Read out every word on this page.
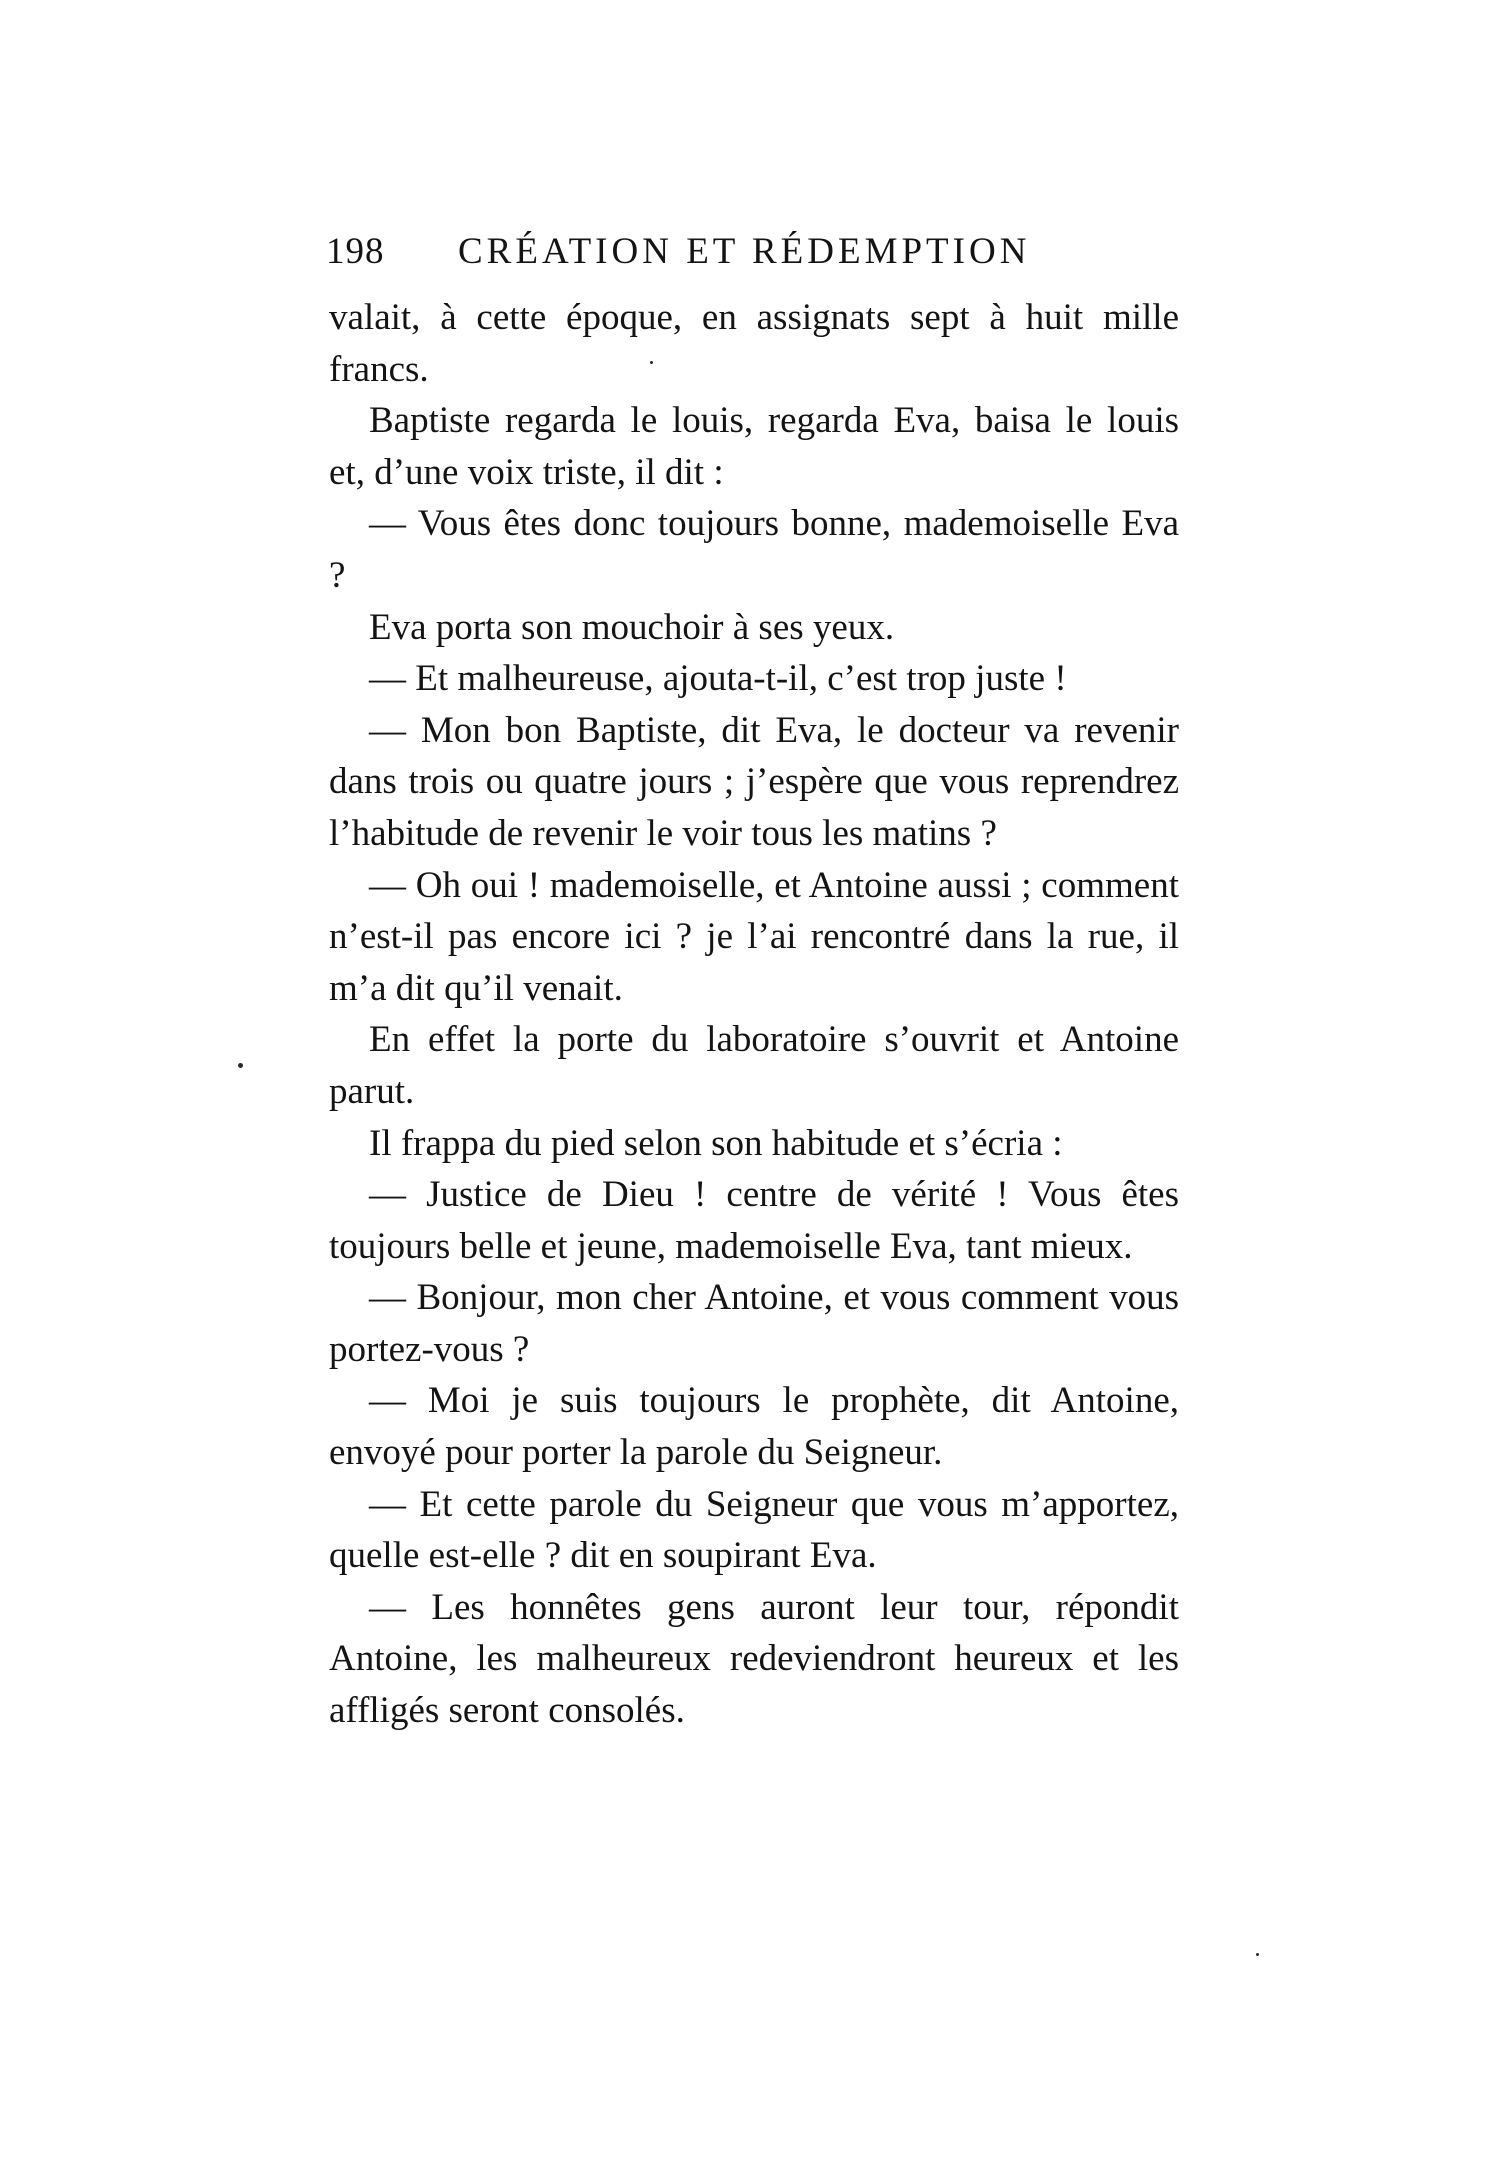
198 CRÉATION ET RÉDEMPTION

valait, à cette époque, en assignats sept à huit mille francs.

Baptiste regarda le louis, regarda Eva, baisa le louis et, d’une voix triste, il dit :

— Vous êtes donc toujours bonne, mademoiselle Eva ?

Eva porta son mouchoir à ses yeux.

— Et malheureuse, ajouta-t-il, c’est trop juste !

— Mon bon Baptiste, dit Eva, le docteur va revenir dans trois ou quatre jours ; j’espère que vous reprendrez l’habitude de revenir le voir tous les matins ?

— Oh oui ! mademoiselle, et Antoine aussi ; comment n’est-il pas encore ici ? je l’ai rencontré dans la rue, il m’a dit qu’il venait.

En effet la porte du laboratoire s’ouvrit et Antoine parut.

Il frappa du pied selon son habitude et s’écria :

— Justice de Dieu ! centre de vérité ! Vous êtes toujours belle et jeune, mademoiselle Eva, tant mieux.

— Bonjour, mon cher Antoine, et vous comment vous portez-vous ?

— Moi je suis toujours le prophète, dit Antoine, envoyé pour porter la parole du Seigneur.

— Et cette parole du Seigneur que vous m’apportez, quelle est-elle ? dit en soupirant Eva.

— Les honnêtes gens auront leur tour, répondit Antoine, les malheureux redeviendront heureux et les affligés seront consolés.
